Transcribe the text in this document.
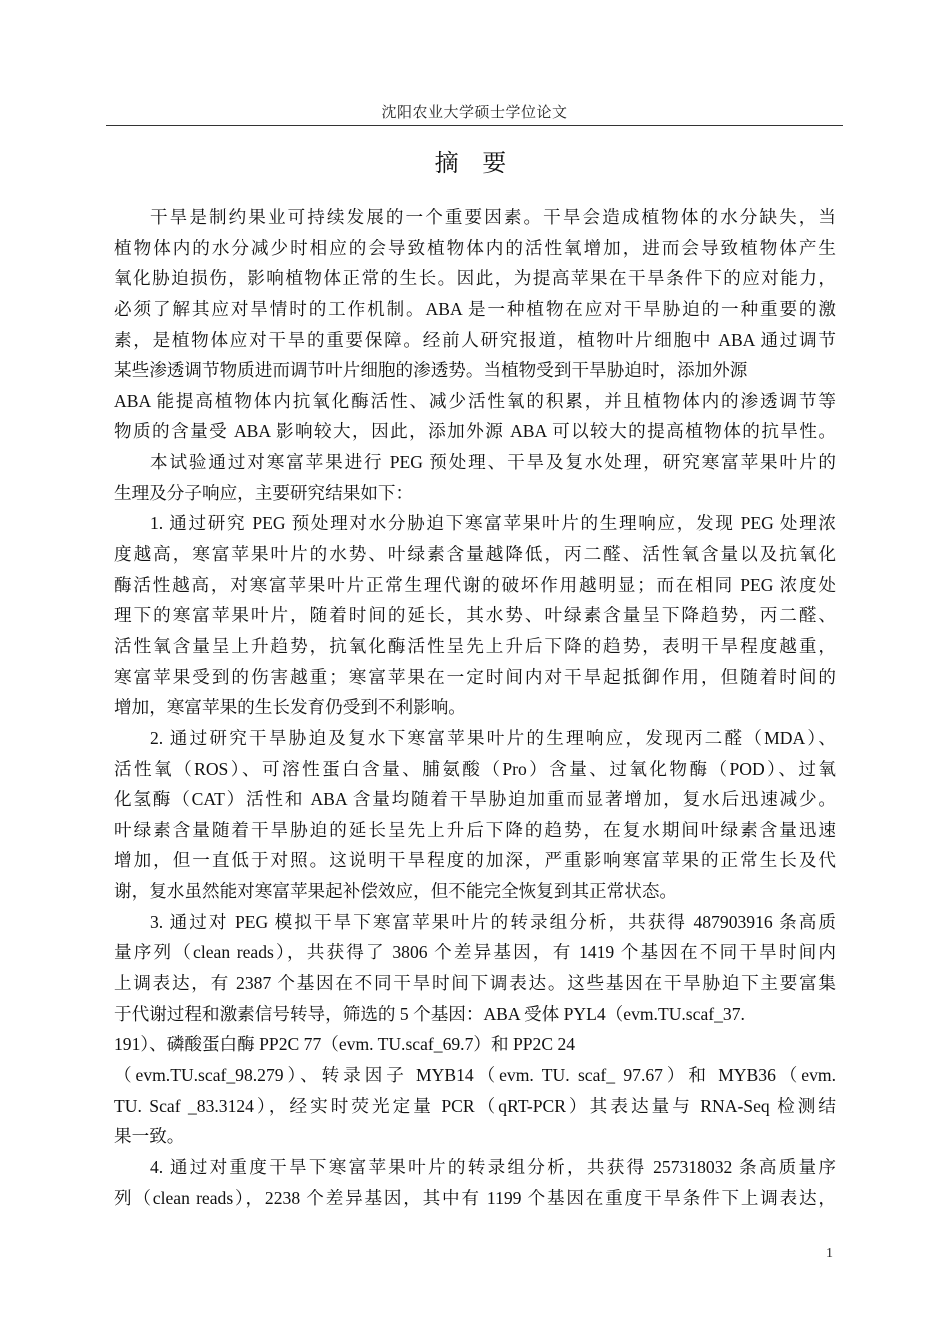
沈阳农业大学硕士学位论文
摘 要
干旱是制约果业可持续发展的一个重要因素。干旱会造成植物体的水分缺失，当
植物体内的水分减少时相应的会导致植物体内的活性氧增加，进而会导致植物体产生
氧化胁迫损伤，影响植物体正常的生长。因此，为提高苹果在干旱条件下的应对能力，
必须了解其应对旱情时的工作机制。ABA 是一种植物在应对干旱胁迫的一种重要的激
素，是植物体应对干旱的重要保障。经前人研究报道，植物叶片细胞中 ABA 通过调节
某些渗透调节物质进而调节叶片细胞的渗透势。当植物受到干旱胁迫时，添加外源
ABA 能提高植物体内抗氧化酶活性、减少活性氧的积累，并且植物体内的渗透调节等
物质的含量受 ABA 影响较大，因此，添加外源 ABA 可以较大的提高植物体的抗旱性。
本试验通过对寒富苹果进行 PEG 预处理、干旱及复水处理，研究寒富苹果叶片的
生理及分子响应，主要研究结果如下：
1. 通过研究 PEG 预处理对水分胁迫下寒富苹果叶片的生理响应，发现 PEG 处理浓
度越高，寒富苹果叶片的水势、叶绿素含量越降低，丙二醛、活性氧含量以及抗氧化
酶活性越高，对寒富苹果叶片正常生理代谢的破坏作用越明显；而在相同 PEG 浓度处
理下的寒富苹果叶片，随着时间的延长，其水势、叶绿素含量呈下降趋势，丙二醛、
活性氧含量呈上升趋势，抗氧化酶活性呈先上升后下降的趋势，表明干旱程度越重，
寒富苹果受到的伤害越重；寒富苹果在一定时间内对干旱起抵御作用，但随着时间的
增加，寒富苹果的生长发育仍受到不利影响。
2. 通过研究干旱胁迫及复水下寒富苹果叶片的生理响应，发现丙二醛（MDA）、
活性氧（ROS）、可溶性蛋白含量、脯氨酸（Pro）含量、过氧化物酶（POD）、过氧
化氢酶（CAT）活性和 ABA 含量均随着干旱胁迫加重而显著增加，复水后迅速减少。
叶绿素含量随着干旱胁迫的延长呈先上升后下降的趋势，在复水期间叶绿素含量迅速
增加，但一直低于对照。这说明干旱程度的加深，严重影响寒富苹果的正常生长及代
谢，复水虽然能对寒富苹果起补偿效应，但不能完全恢复到其正常状态。
3. 通过对 PEG 模拟干旱下寒富苹果叶片的转录组分析，共获得 487903916 条高质
量序列（clean reads），共获得了 3806 个差异基因，有 1419 个基因在不同干旱时间内
上调表达，有 2387 个基因在不同干旱时间下调表达。这些基因在干旱胁迫下主要富集
于代谢过程和激素信号转导，筛选的 5 个基因：ABA 受体 PYL4（evm.TU.scaf_37.
191）、磷酸蛋白酶 PP2C 77（evm. TU.scaf_69.7）和 PP2C 24
（evm.TU.scaf_98.279）、转录因子 MYB14（evm. TU. scaf_ 97.67）和 MYB36（evm.
TU. Scaf _83.3124），经实时荧光定量 PCR（qRT-PCR）其表达量与 RNA-Seq 检测结
果一致。
4. 通过对重度干旱下寒富苹果叶片的转录组分析，共获得 257318032 条高质量序
列（clean reads），2238 个差异基因，其中有 1199 个基因在重度干旱条件下上调表达，
1
